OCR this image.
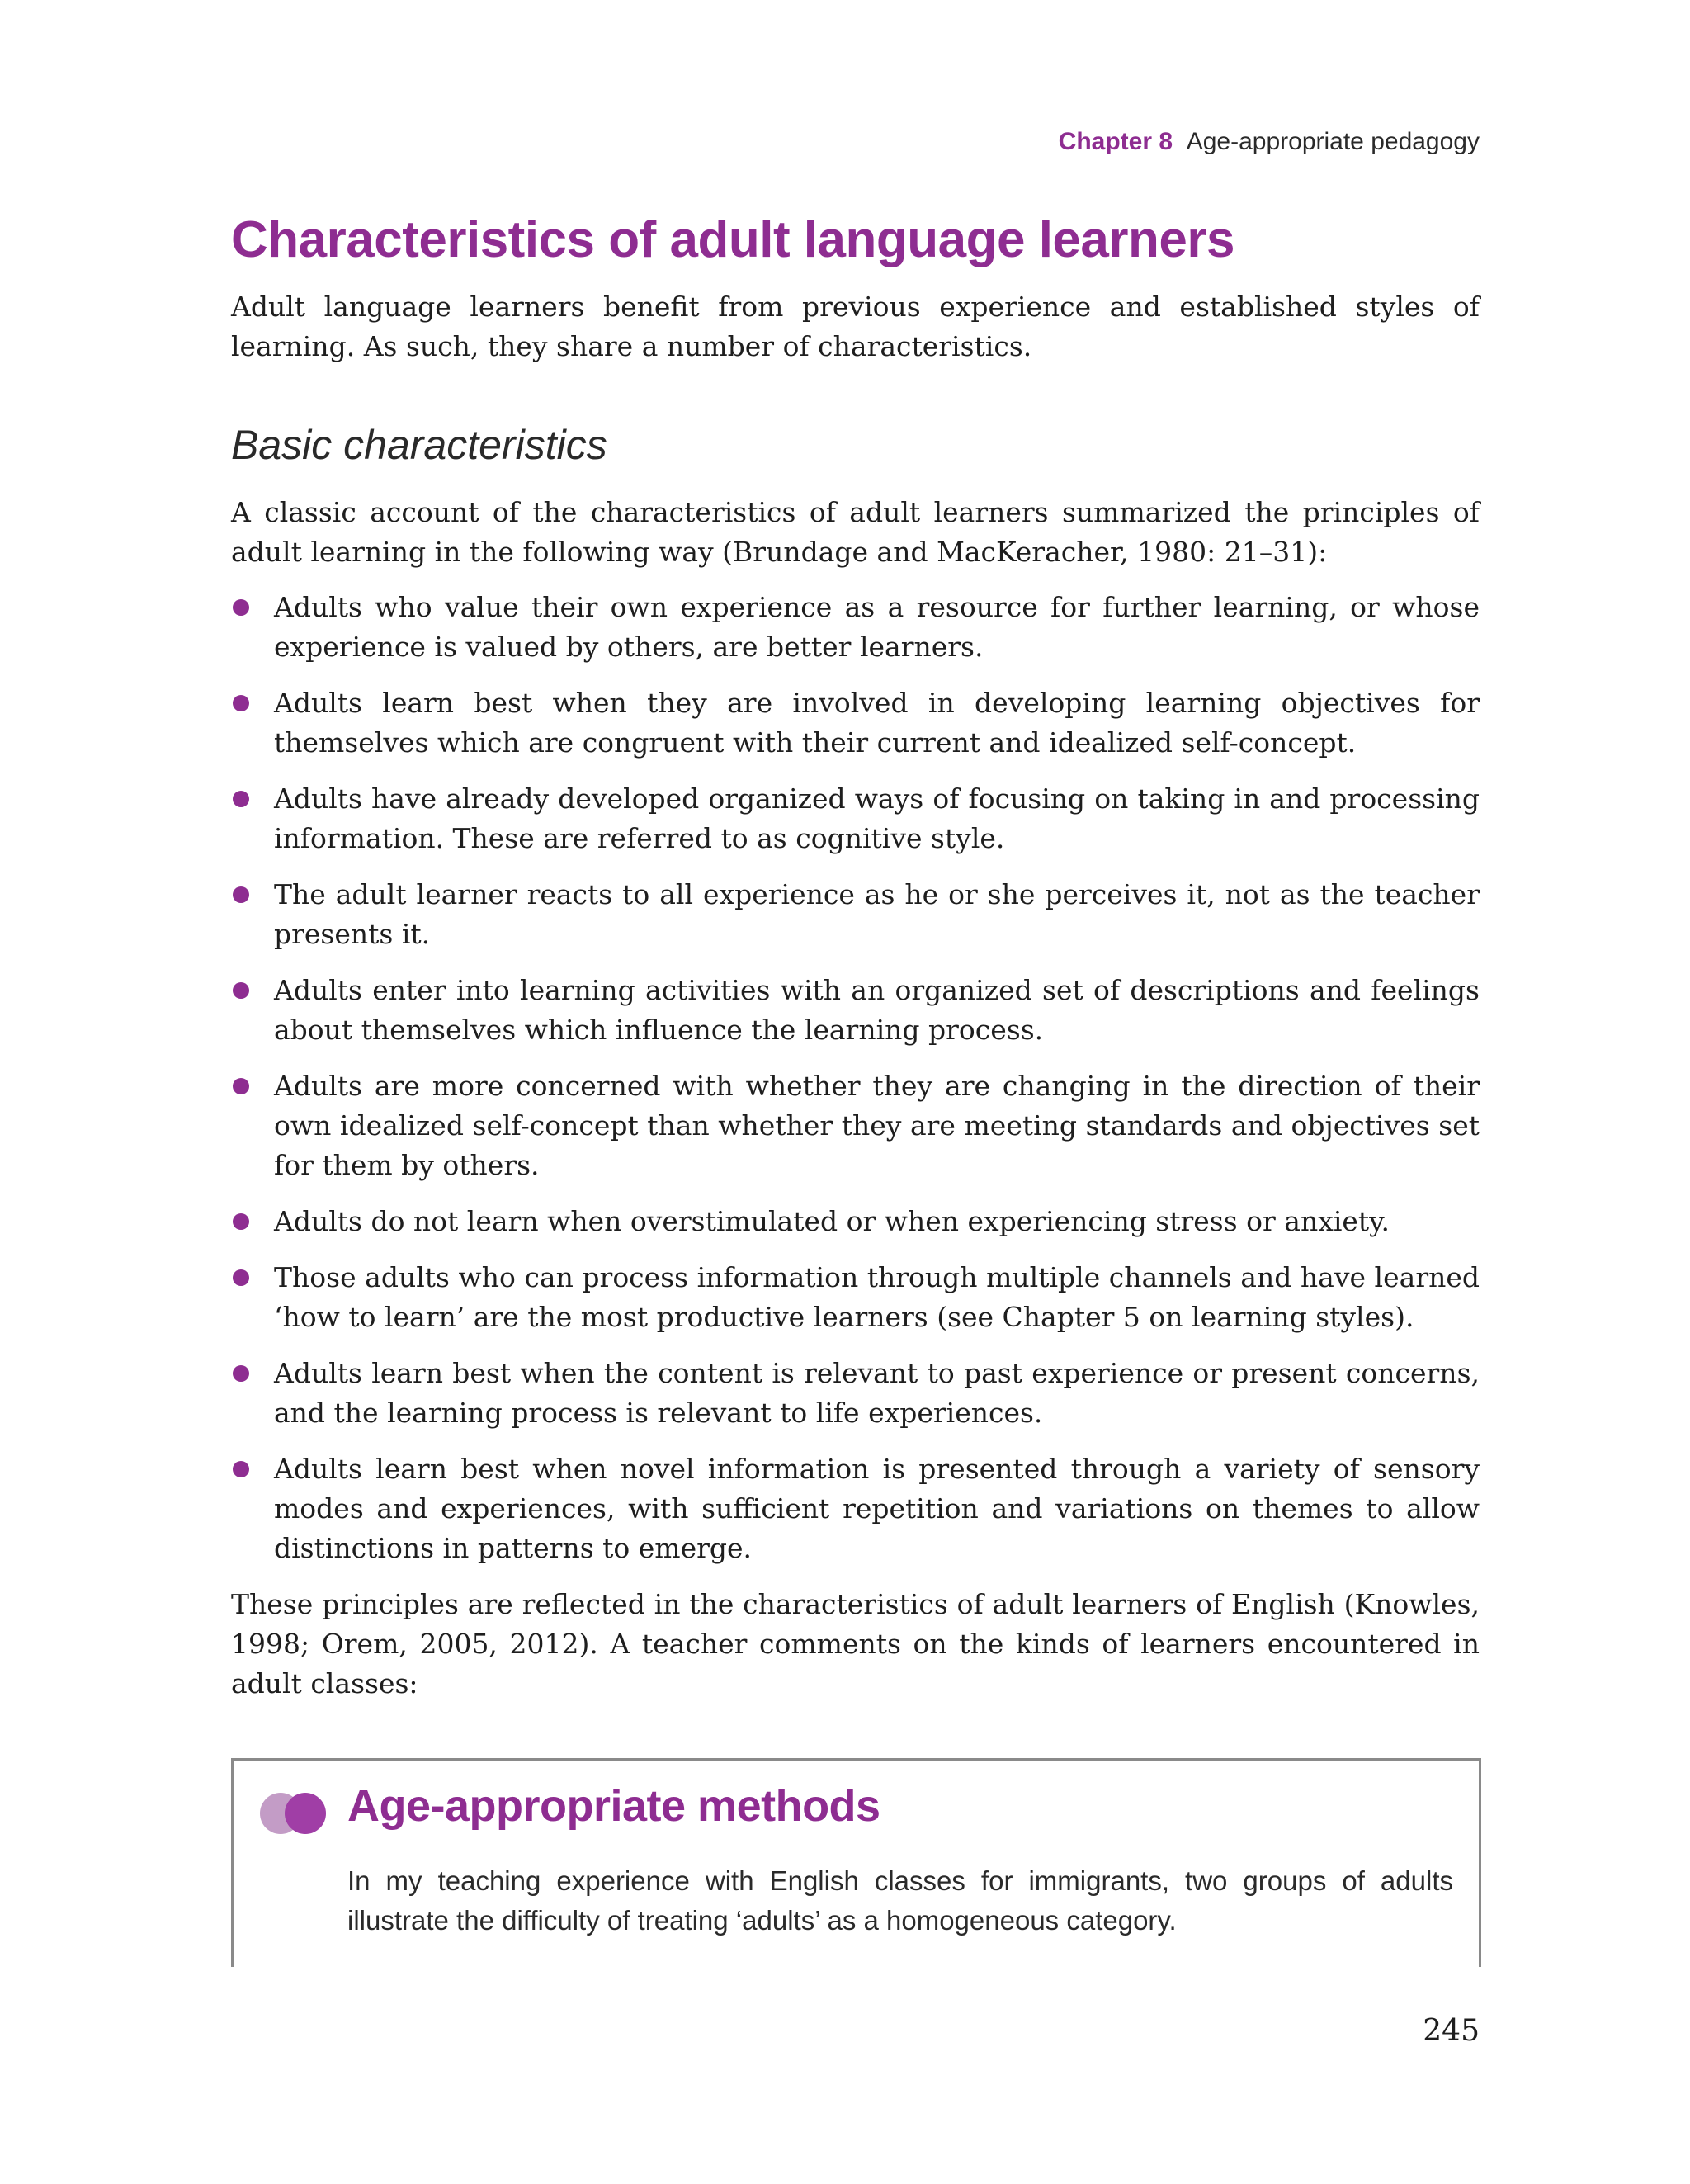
Chapter 8 Age-appropriate pedagogy
Characteristics of adult language learners

Adult language learners benefit from previous experience and established styles of learning. As such, they share a number of characteristics.

Basic characteristics

A classic account of the characteristics of adult learners summarized the principles of adult learning in the following way (Brundage and MacKeracher, 1980: 21–31):

Adults who value their own experience as a resource for further learning, or whose experience is valued by others, are better learners.

Adults learn best when they are involved in developing learning objectives for themselves which are congruent with their current and idealized self-concept.

Adults have already developed organized ways of focusing on taking in and processing information. These are referred to as cognitive style.

The adult learner reacts to all experience as he or she perceives it, not as the teacher presents it.

Adults enter into learning activities with an organized set of descriptions and feelings about themselves which influence the learning process.

Adults are more concerned with whether they are changing in the direction of their own idealized self-concept than whether they are meeting standards and objectives set for them by others.

Adults do not learn when overstimulated or when experiencing stress or anxiety.

Those adults who can process information through multiple channels and have learned ‘how to learn’ are the most productive learners (see Chapter 5 on learning styles).

Adults learn best when the content is relevant to past experience or present concerns, and the learning process is relevant to life experiences.

Adults learn best when novel information is presented through a variety of sensory modes and experiences, with sufficient repetition and variations on themes to allow distinctions in patterns to emerge.

These principles are reflected in the characteristics of adult learners of English (Knowles, 1998; Orem, 2005, 2012). A teacher comments on the kinds of learners encountered in adult classes:

Age-appropriate methods

In my teaching experience with English classes for immigrants, two groups of adults illustrate the difficulty of treating ‘adults’ as a homogeneous category.

245
